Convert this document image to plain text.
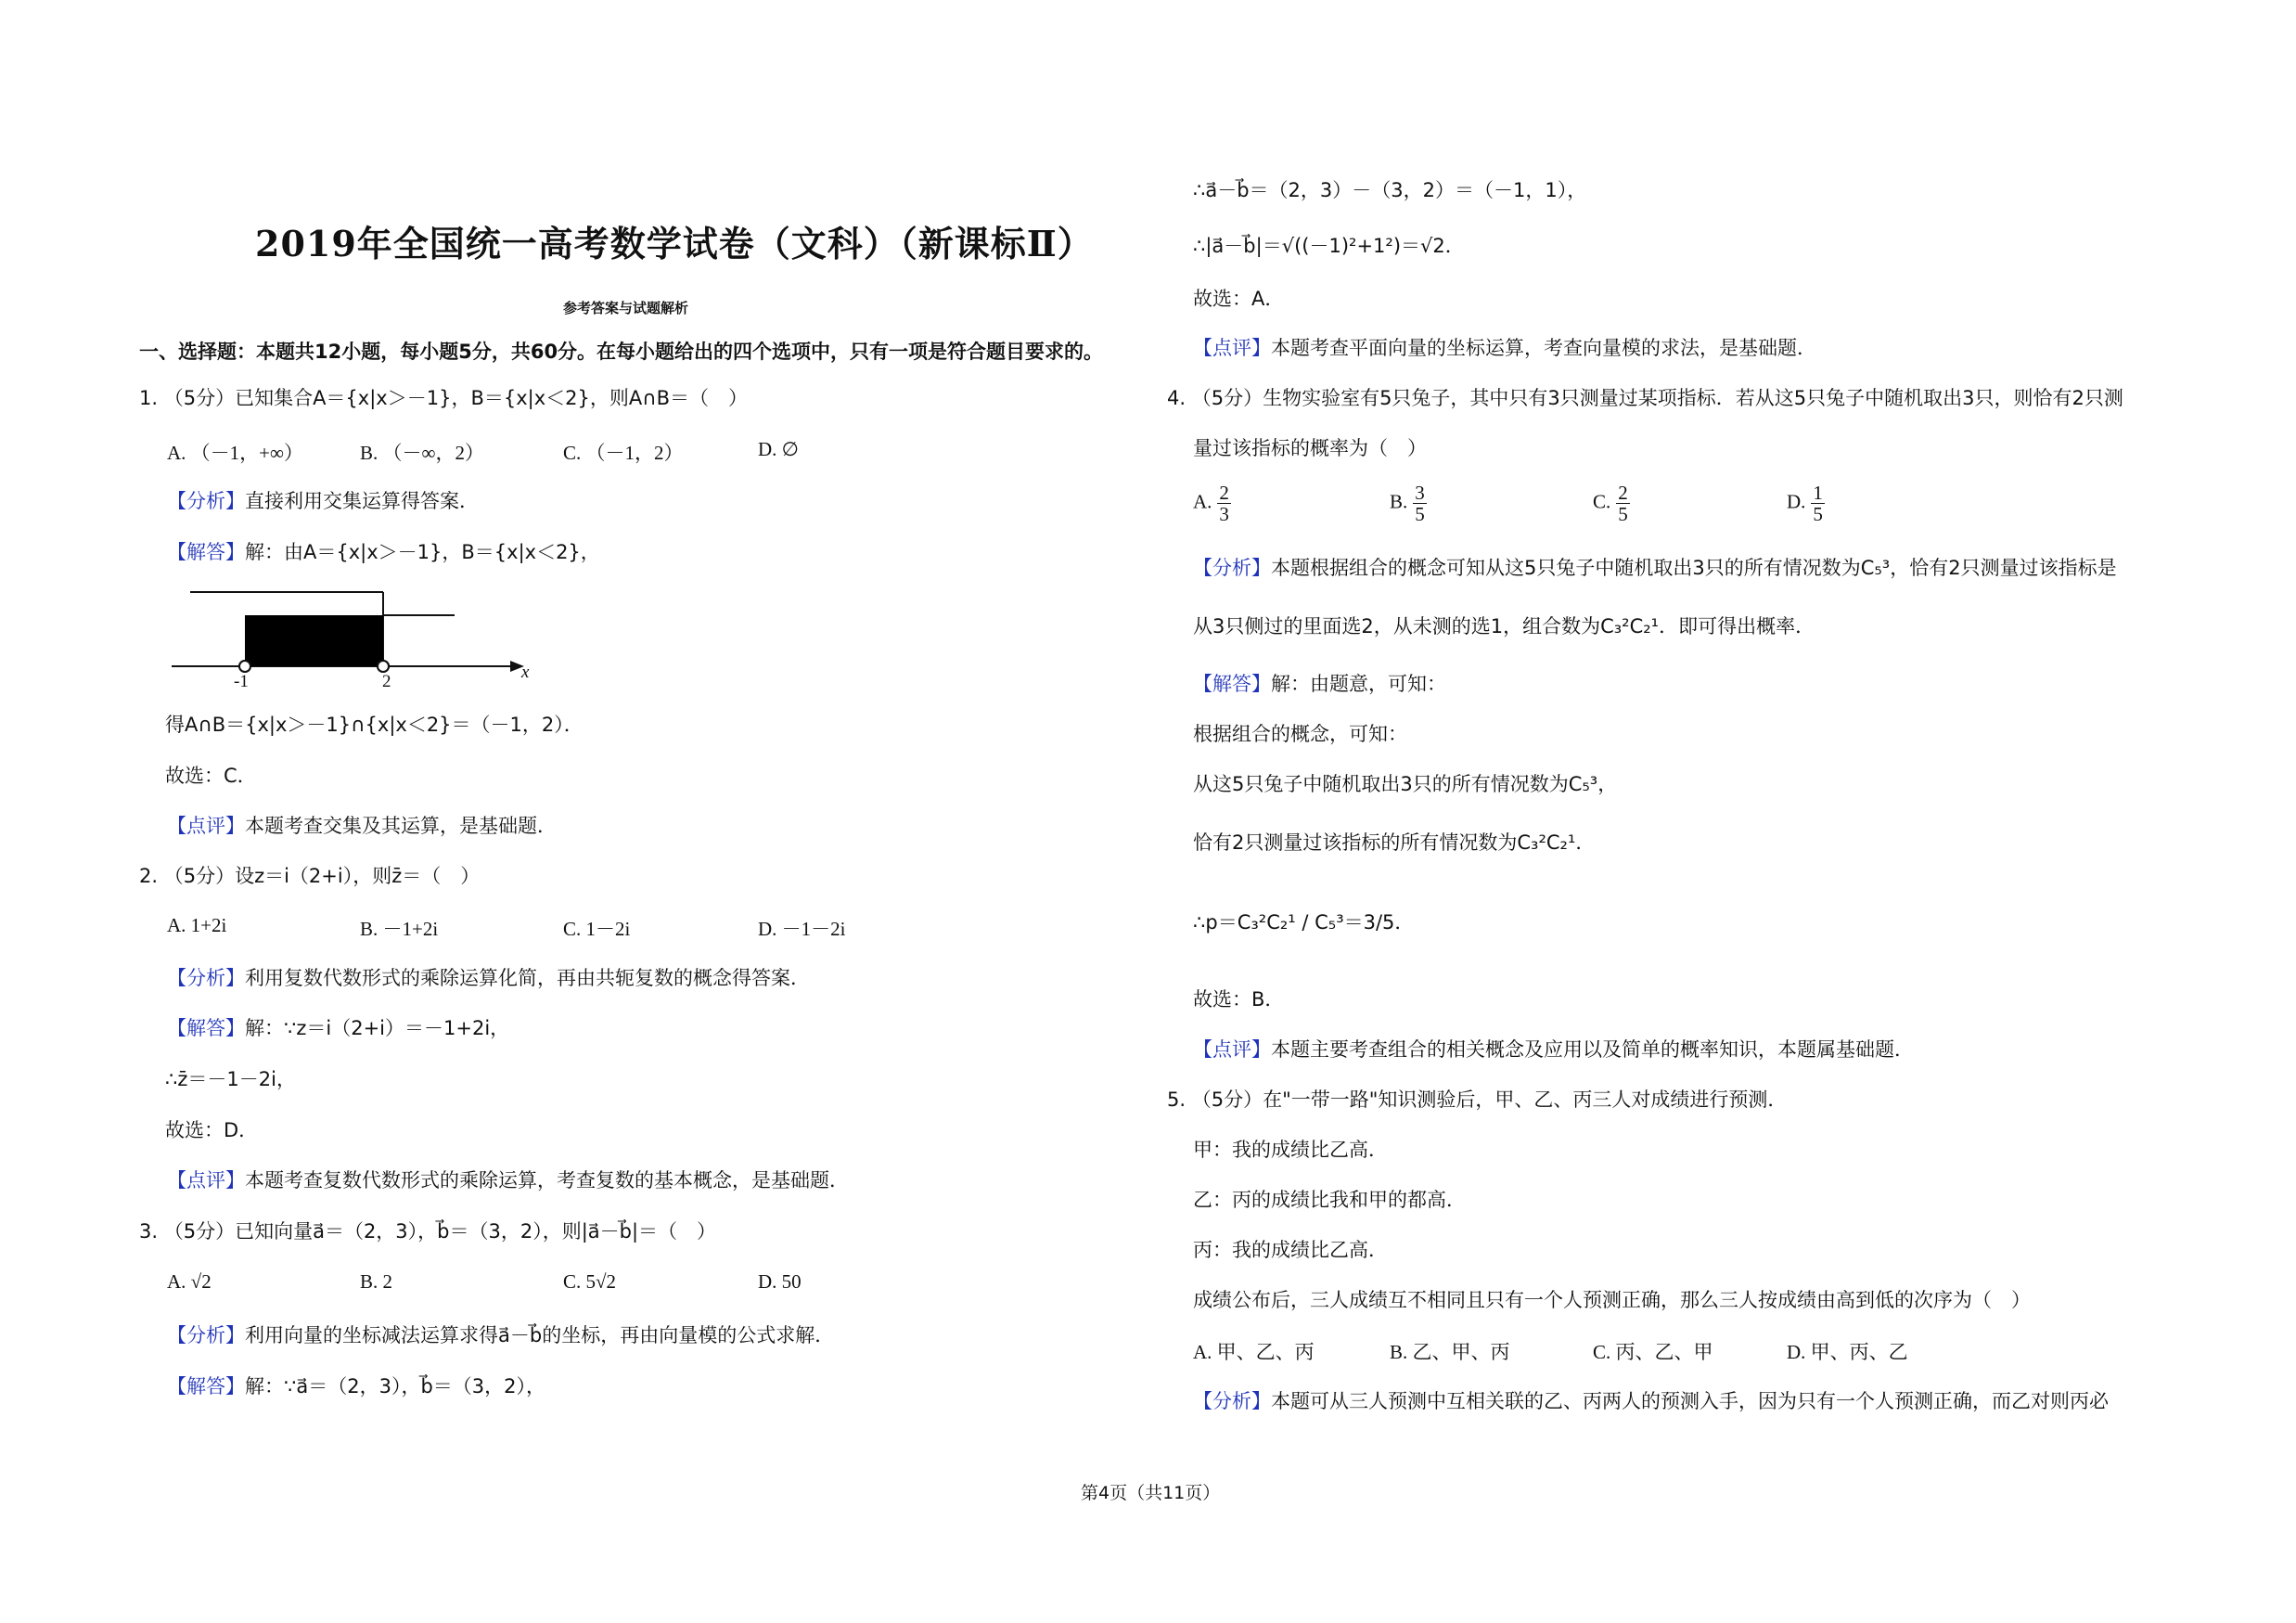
2019年全国统一高考数学试卷（文科）（新课标Ⅱ）
参考答案与试题解析
一、选择题：本题共12小题，每小题5分，共60分。在每小题给出的四个选项中，只有一项是符合题目要求的。
1. （5分）已知集合A＝{x|x＞－1}，B＝{x|x＜2}，则A∩B＝（　）
A. （－1，+∞）	B. （－∞，2）	C. （－1，2）	D. ∅
【分析】直接利用交集运算得答案．
【解答】解：由A＝{x|x＞－1}，B＝{x|x＜2}，
-1	2	x
得A∩B＝{x|x＞－1}∩{x|x＜2}＝（－1，2）．
故选：C．
【点评】本题考查交集及其运算，是基础题．
2. （5分）设z＝i（2+i），则z̄＝（　）
A. 1+2i	B. －1+2i	C. 1－2i	D. －1－2i
【分析】利用复数代数形式的乘除运算化简，再由共轭复数的概念得答案．
【解答】解：∵z＝i（2+i）＝－1+2i，
∴z̄＝－1－2i，
故选：D．
【点评】本题考查复数代数形式的乘除运算，考查复数的基本概念，是基础题．
3. （5分）已知向量a⃗＝（2，3），b⃗＝（3，2），则|a⃗－b⃗|＝（　）
A. √2	B. 2	C. 5√2	D. 50
【分析】利用向量的坐标减法运算求得a⃗－b⃗的坐标，再由向量模的公式求解．
【解答】解：∵a⃗＝（2，3），b⃗＝（3，2），
∴a⃗－b⃗＝（2，3）－（3，2）＝（－1，1），
∴|a⃗－b⃗|＝√((－1)²+1²)＝√2．
故选：A．
【点评】本题考查平面向量的坐标运算，考查向量模的求法，是基础题．
4. （5分）生物实验室有5只兔子，其中只有3只测量过某项指标．若从这5只兔子中随机取出3只，则恰有2只测
量过该指标的概率为（　）
A. $\frac{2}{3}$	B. $\frac{3}{5}$	C. $\frac{2}{5}$	D. $\frac{1}{5}$
【分析】本题根据组合的概念可知从这5只兔子中随机取出3只的所有情况数为C₅³，恰有2只测量过该指标是
从3只侧过的里面选2，从未测的选1，组合数为C₃²C₂¹．即可得出概率．
【解答】解：由题意，可知：
根据组合的概念，可知：
从这5只兔子中随机取出3只的所有情况数为C₅³，
恰有2只测量过该指标的所有情况数为C₃²C₂¹．
∴p＝C₃²C₂¹ / C₅³＝3/5．
故选：B．
【点评】本题主要考查组合的相关概念及应用以及简单的概率知识，本题属基础题．
5. （5分）在"一带一路"知识测验后，甲、乙、丙三人对成绩进行预测．
甲：我的成绩比乙高．
乙：丙的成绩比我和甲的都高．
丙：我的成绩比乙高．
成绩公布后，三人成绩互不相同且只有一个人预测正确，那么三人按成绩由高到低的次序为（　）
A. 甲、乙、丙	B. 乙、甲、丙	C. 丙、乙、甲	D. 甲、丙、乙
【分析】本题可从三人预测中互相关联的乙、丙两人的预测入手，因为只有一个人预测正确，而乙对则丙必
第4页（共11页）
